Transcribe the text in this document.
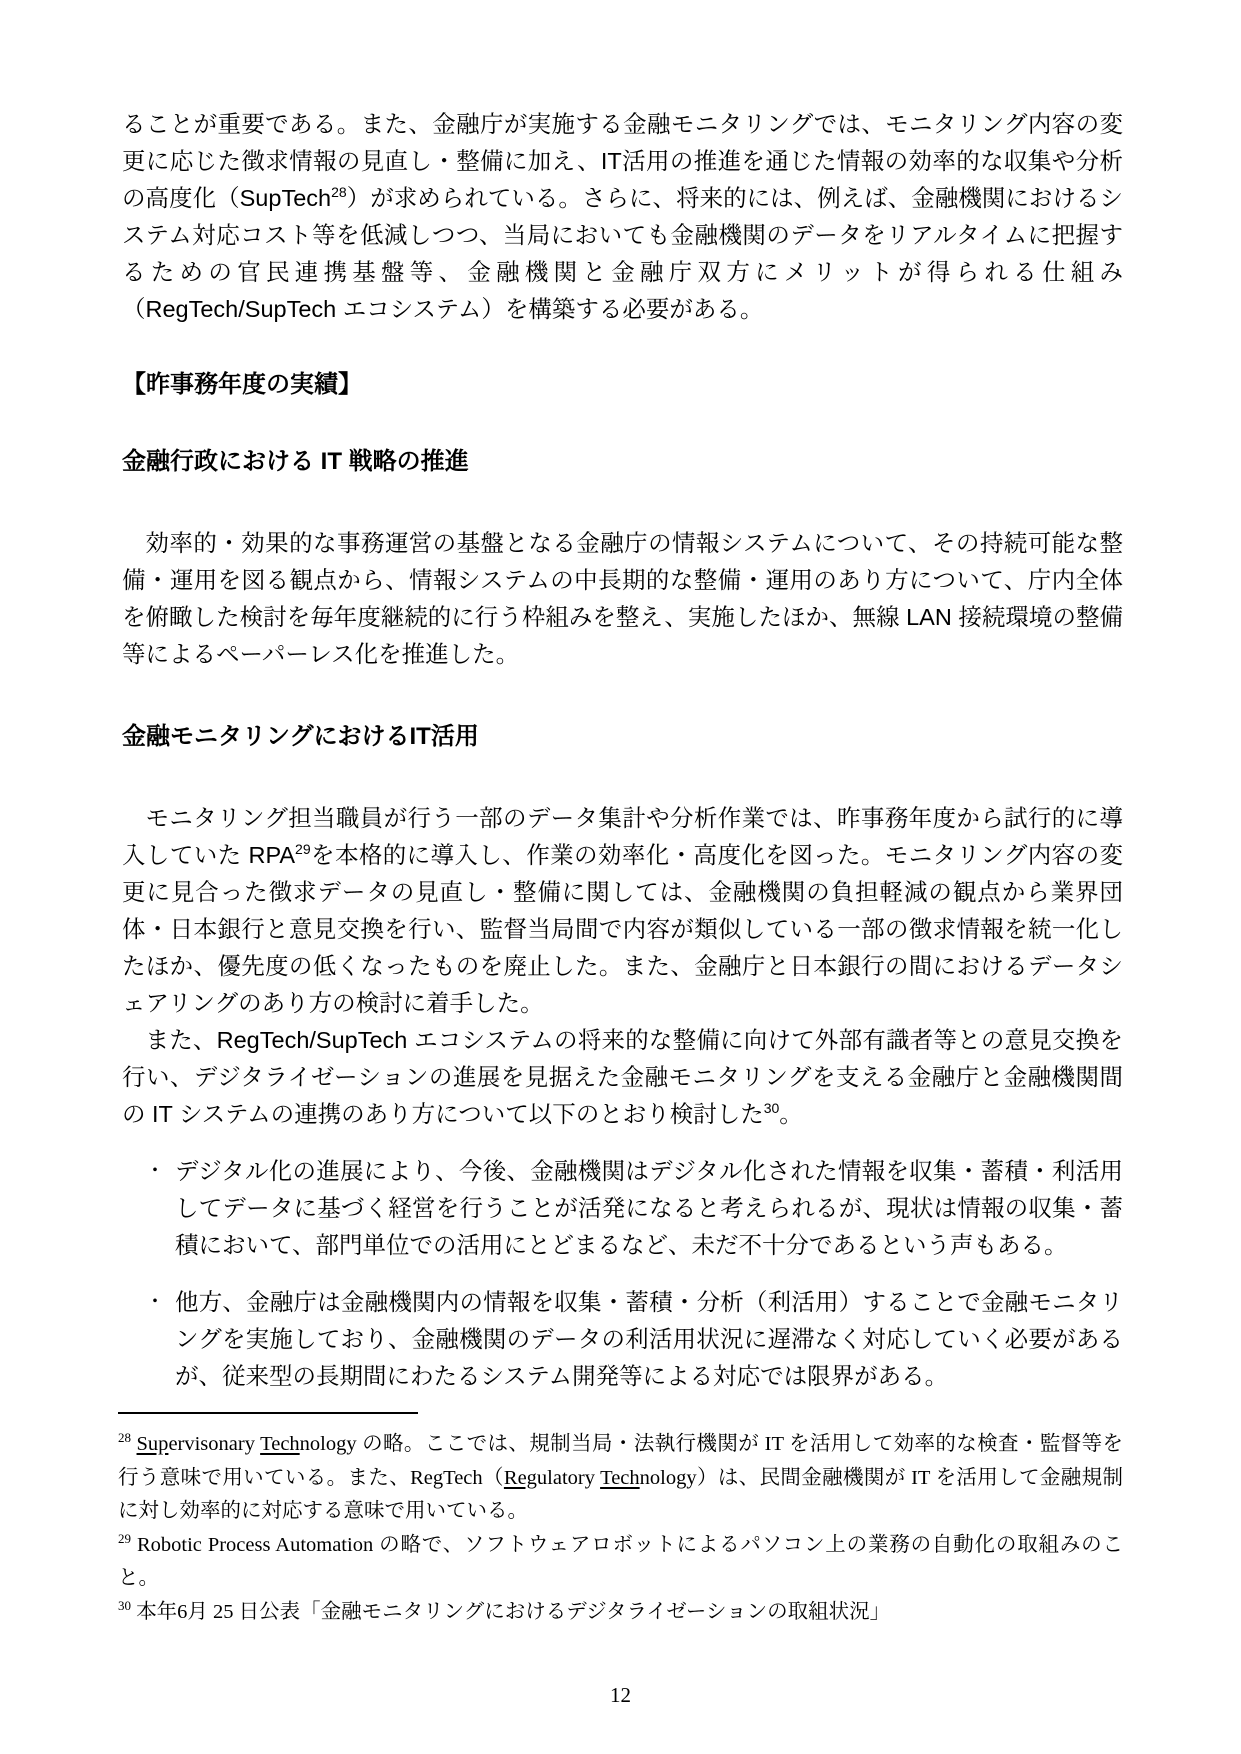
ることが重要である。また、金融庁が実施する金融モニタリングでは、モニタリング内容の変更に応じた徴求情報の見直し・整備に加え、IT活用の推進を通じた情報の効率的な収集や分析の高度化（SupTech$^{28}$）が求められている。さらに、将来的には、例えば、金融機関におけるシステム対応コスト等を低減しつつ、当局においても金融機関のデータをリアルタイムに把握するための官民連携基盤等、金融機関と金融庁双方にメリットが得られる仕組み（RegTech/SupTech エコシステム）を構築する必要がある。

【昨事務年度の実績】
金融行政における IT 戦略の推進

効率的・効果的な事務運営の基盤となる金融庁の情報システムについて、その持続可能な整備・運用を図る観点から、情報システムの中長期的な整備・運用のあり方について、庁内全体を俯瞰した検討を毎年度継続的に行う枠組みを整え、実施したほか、無線 LAN 接続環境の整備等によるペーパーレス化を推進した。

金融モニタリングにおけるIT活用

モニタリング担当職員が行う一部のデータ集計や分析作業では、昨事務年度から試行的に導入していた RPA$^{29}$を本格的に導入し、作業の効率化・高度化を図った。モニタリング内容の変更に見合った徴求データの見直し・整備に関しては、金融機関の負担軽減の観点から業界団体・日本銀行と意見交換を行い、監督当局間で内容が類似している一部の徴求情報を統一化したほか、優先度の低くなったものを廃止した。また、金融庁と日本銀行の間におけるデータシェアリングのあり方の検討に着手した。

また、RegTech/SupTech エコシステムの将来的な整備に向けて外部有識者等との意見交換を行い、デジタライゼーションの進展を見据えた金融モニタリングを支える金融庁と金融機関間の IT システムの連携のあり方について以下のとおり検討した$^{30}$。

・ デジタル化の進展により、今後、金融機関はデジタル化された情報を収集・蓄積・利活用してデータに基づく経営を行うことが活発になると考えられるが、現状は情報の収集・蓄積において、部門単位での活用にとどまるなど、未だ不十分であるという声もある。
・ 他方、金融庁は金融機関内の情報を収集・蓄積・分析（利活用）することで金融モニタリングを実施しており、金融機関のデータの利活用状況に遅滞なく対応していく必要があるが、従来型の長期間にわたるシステム開発等による対応では限界がある。

$^{28}$ Supervisonary Technology の略。ここでは、規制当局・法執行機関が IT を活用して効率的な検査・監督等を行う意味で用いている。また、RegTech（Regulatory Technology）は、民間金融機関が IT を活用して金融規制に対し効率的に対応する意味で用いている。

$^{29}$ Robotic Process Automation の略で、ソフトウェアロボットによるパソコン上の業務の自動化の取組みのこと。

$^{30}$ 本年6月 25 日公表「金融モニタリングにおけるデジタライゼーションの取組状況」

12
